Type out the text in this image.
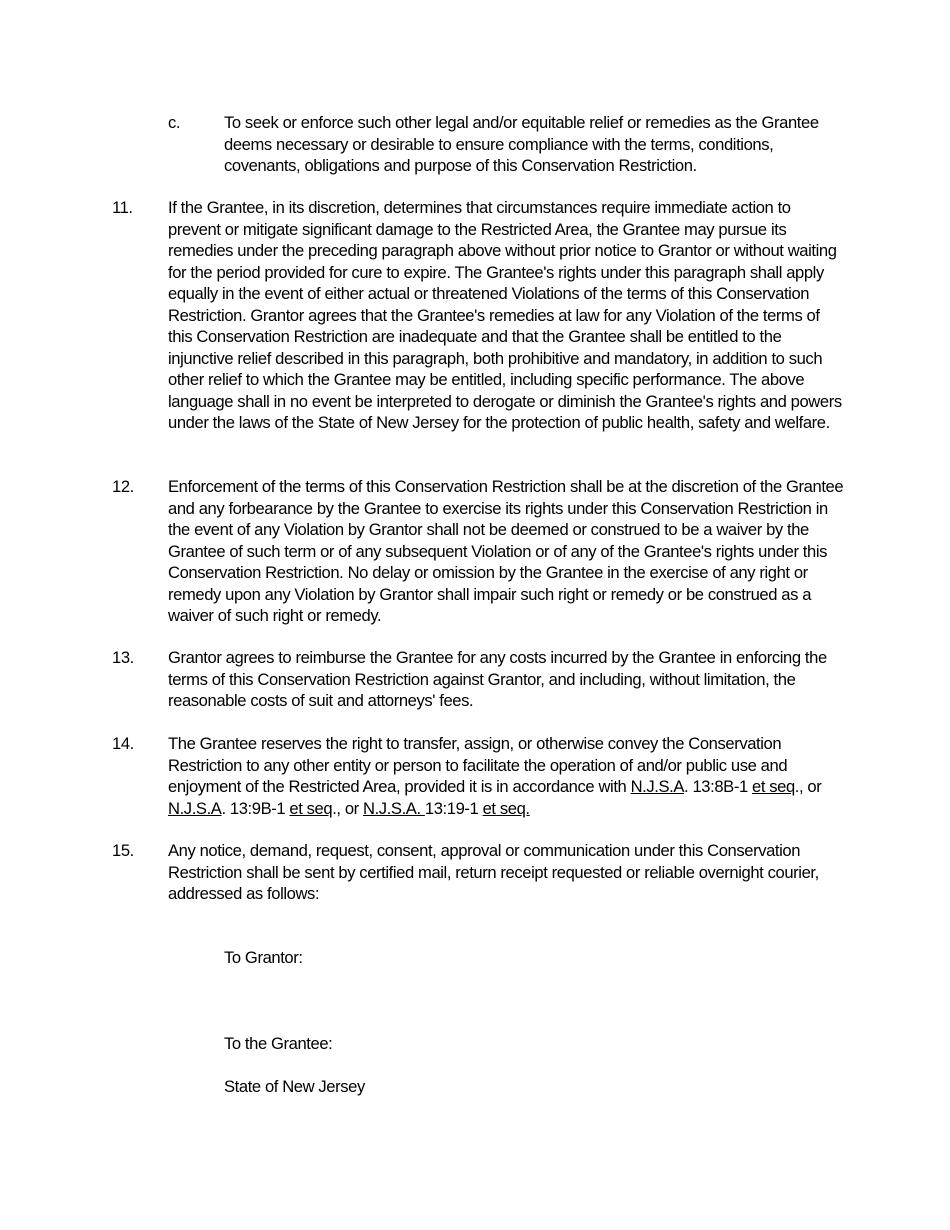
c.	To seek or enforce such other legal and/or equitable relief or remedies as the Grantee deems necessary or desirable to ensure compliance with the terms, conditions, covenants, obligations and purpose of this Conservation Restriction.
11. If the Grantee, in its discretion, determines that circumstances require immediate action to prevent or mitigate significant damage to the Restricted Area, the Grantee may pursue its remedies under the preceding paragraph above without prior notice to Grantor or without waiting for the period provided for cure to expire. The Grantee's rights under this paragraph shall apply equally in the event of either actual or threatened Violations of the terms of this Conservation Restriction. Grantor agrees that the Grantee's remedies at law for any Violation of the terms of this Conservation Restriction are inadequate and that the Grantee shall be entitled to the injunctive relief described in this paragraph, both prohibitive and mandatory, in addition to such other relief to which the Grantee may be entitled, including specific performance. The above language shall in no event be interpreted to derogate or diminish the Grantee's rights and powers under the laws of the State of New Jersey for the protection of public health, safety and welfare.
12. Enforcement of the terms of this Conservation Restriction shall be at the discretion of the Grantee and any forbearance by the Grantee to exercise its rights under this Conservation Restriction in the event of any Violation by Grantor shall not be deemed or construed to be a waiver by the Grantee of such term or of any subsequent Violation or of any of the Grantee's rights under this Conservation Restriction. No delay or omission by the Grantee in the exercise of any right or remedy upon any Violation by Grantor shall impair such right or remedy or be construed as a waiver of such right or remedy.
13. Grantor agrees to reimburse the Grantee for any costs incurred by the Grantee in enforcing the terms of this Conservation Restriction against Grantor, and including, without limitation, the reasonable costs of suit and attorneys' fees.
14. The Grantee reserves the right to transfer, assign, or otherwise convey the Conservation Restriction to any other entity or person to facilitate the operation of and/or public use and enjoyment of the Restricted Area, provided it is in accordance with N.J.S.A. 13:8B-1 et seq., or N.J.S.A. 13:9B-1 et seq., or N.J.S.A. 13:19-1 et seq.
15. Any notice, demand, request, consent, approval or communication under this Conservation Restriction shall be sent by certified mail, return receipt requested or reliable overnight courier, addressed as follows:
To Grantor:
To the Grantee:
State of New Jersey
